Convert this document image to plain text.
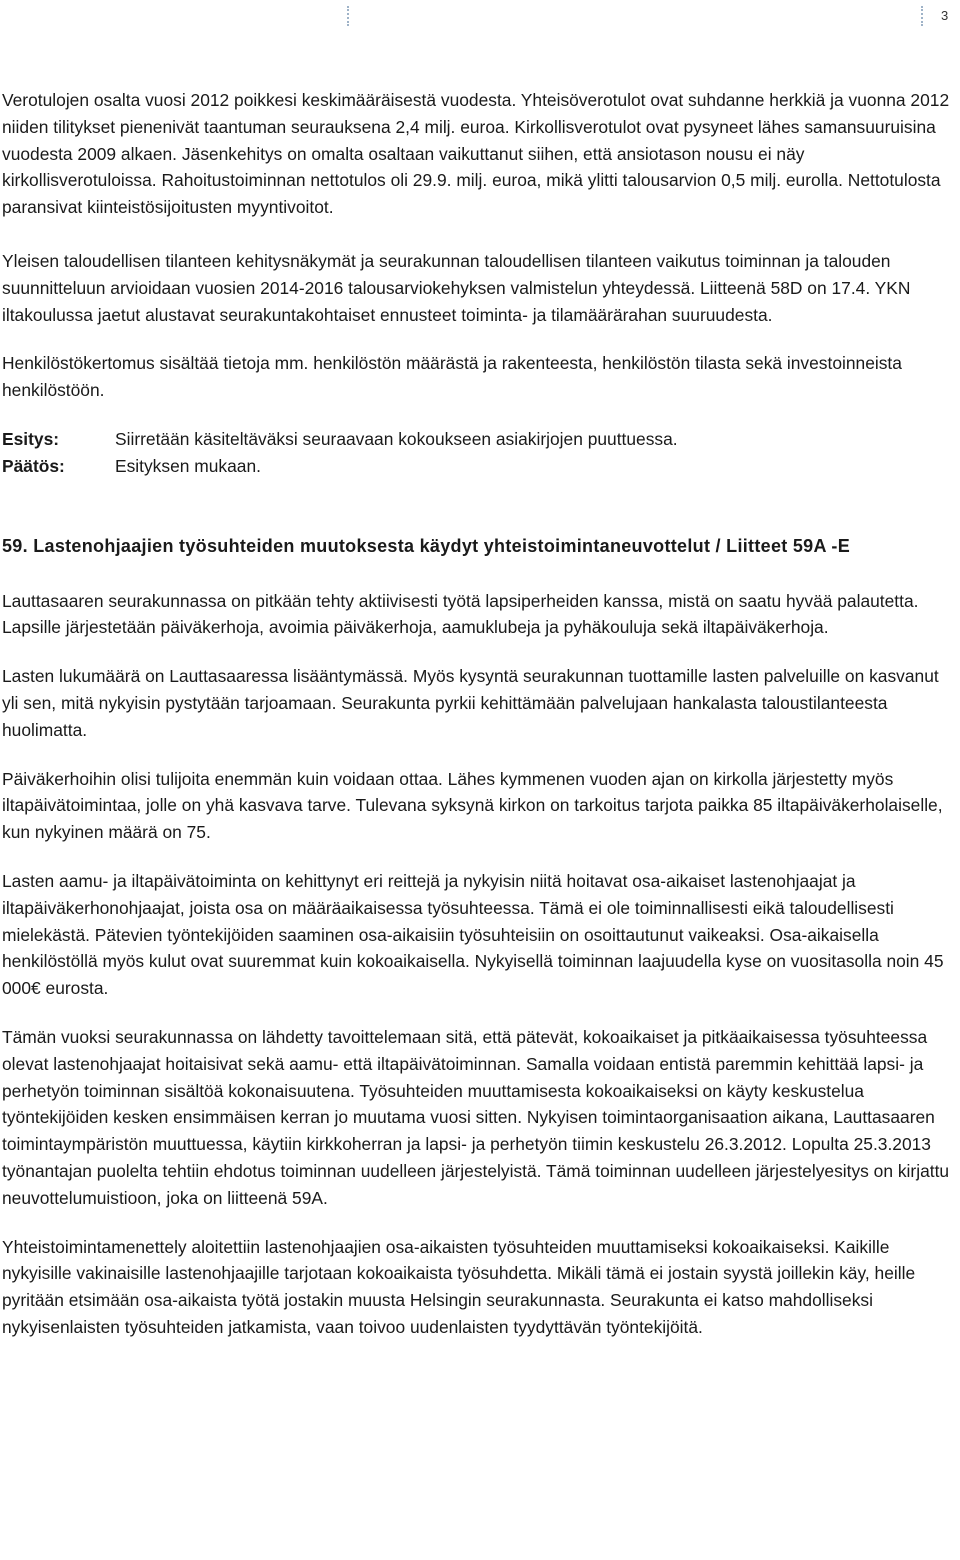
3

Verotulojen osalta vuosi 2012 poikkesi keskimääräisestä vuodesta. Yhteisöverotulot ovat suhdanne herkkiä ja vuonna 2012 niiden tilitykset pienenivät taantuman seurauksena 2,4 milj. euroa. Kirkollisverotulot ovat pysyneet lähes samansuuruisina vuodesta 2009 alkaen. Jäsenkehitys on omalta osaltaan vaikuttanut siihen, että ansiotason nousu ei näy kirkollisverotuloissa. Rahoitustoiminnan nettotulos oli 29.9. milj. euroa, mikä ylitti talousarvion 0,5 milj. eurolla. Nettotulosta paransivat kiinteistösijoitusten myyntivoitot.

Yleisen taloudellisen tilanteen kehitysnäkymät ja seurakunnan taloudellisen tilanteen vaikutus toiminnan ja talouden suunnitteluun arvioidaan vuosien 2014-2016 talousarviokehyksen valmistelun yhteydessä. Liitteenä 58D on 17.4. YKN iltakoulussa jaetut alustavat seurakuntakohtaiset ennusteet toiminta- ja tilamäärärahan suuruudesta.

Henkilöstökertomus sisältää tietoja mm. henkilöstön määrästä ja rakenteesta, henkilöstön tilasta sekä investoinneista henkilöstöön.

Esitys:	Siirretään käsiteltäväksi seuraavaan kokoukseen asiakirjojen puuttuessa.
Päätös:	Esityksen mukaan.
59. Lastenohjaajien työsuhteiden muutoksesta käydyt yhteistoimintaneuvottelut / Liitteet 59A -E

Lauttasaaren seurakunnassa on pitkään tehty aktiivisesti työtä lapsiperheiden kanssa, mistä on saatu hyvää palautetta. Lapsille järjestetään päiväkerhoja, avoimia päiväkerhoja, aamuklubeja ja pyhäkouluja sekä iltapäiväkerhoja.

Lasten lukumäärä on Lauttasaaressa lisääntymässä. Myös kysyntä seurakunnan tuottamille lasten palveluille on kasvanut yli sen, mitä nykyisin pystytään tarjoamaan. Seurakunta pyrkii kehittämään palvelujaan hankalasta taloustilanteesta huolimatta.

Päiväkerhoihin olisi tulijoita enemmän kuin voidaan ottaa. Lähes kymmenen vuoden ajan on kirkolla järjestetty myös iltapäivätoimintaa, jolle on yhä kasvava tarve. Tulevana syksynä kirkon on tarkoitus tarjota paikka 85 iltapäiväkerholaiselle, kun nykyinen määrä on 75.

Lasten aamu- ja iltapäivätoiminta on kehittynyt eri reittejä ja nykyisin niitä hoitavat osa-aikaiset lastenohjaajat ja iltapäiväkerhonohjaajat, joista osa on määräaikaisessa työsuhteessa. Tämä ei ole toiminnallisesti eikä taloudellisesti mielekästä. Pätevien työntekijöiden saaminen osa-aikaisiin työsuhteisiin on osoittautunut vaikeaksi. Osa-aikaisella henkilöstöllä myös kulut ovat suuremmat kuin kokoaikaisella. Nykyisellä toiminnan laajuudella kyse on vuositasolla noin 45 000€ eurosta.

Tämän vuoksi seurakunnassa on lähdetty tavoittelemaan sitä, että pätevät, kokoaikaiset ja pitkäaikaisessa työsuhteessa olevat lastenohjaajat hoitaisivat sekä aamu- että iltapäivätoiminnan. Samalla voidaan entistä paremmin kehittää lapsi- ja perhetyön toiminnan sisältöä kokonaisuutena. Työsuhteiden muuttamisesta kokoaikaiseksi on käyty keskustelua työntekijöiden kesken ensimmäisen kerran jo muutama vuosi sitten. Nykyisen toimintaorganisaation aikana, Lauttasaaren toimintaympäristön muuttuessa, käytiin kirkkoherran ja lapsi- ja perhetyön tiimin keskustelu 26.3.2012. Lopulta 25.3.2013 työnantajan puolelta tehtiin ehdotus toiminnan uudelleen järjestelyistä. Tämä toiminnan uudelleen järjestelyesitys on kirjattu neuvottelumuistioon, joka on liitteenä 59A.

Yhteistoimintamenettely aloitettiin lastenohjaajien osa-aikaisten työsuhteiden muuttamiseksi kokoaikaiseksi. Kaikille nykyisille vakinaisille lastenohjaajille tarjotaan kokoaikaista työsuhdetta. Mikäli tämä ei jostain syystä joillekin käy, heille pyritään etsimään osa-aikaista työtä jostakin muusta Helsingin seurakunnasta. Seurakunta ei katso mahdolliseksi nykyisenlaisten työsuhteiden jatkamista, vaan toivoo uudenlaisten tyydyttävän työntekijöitä.
